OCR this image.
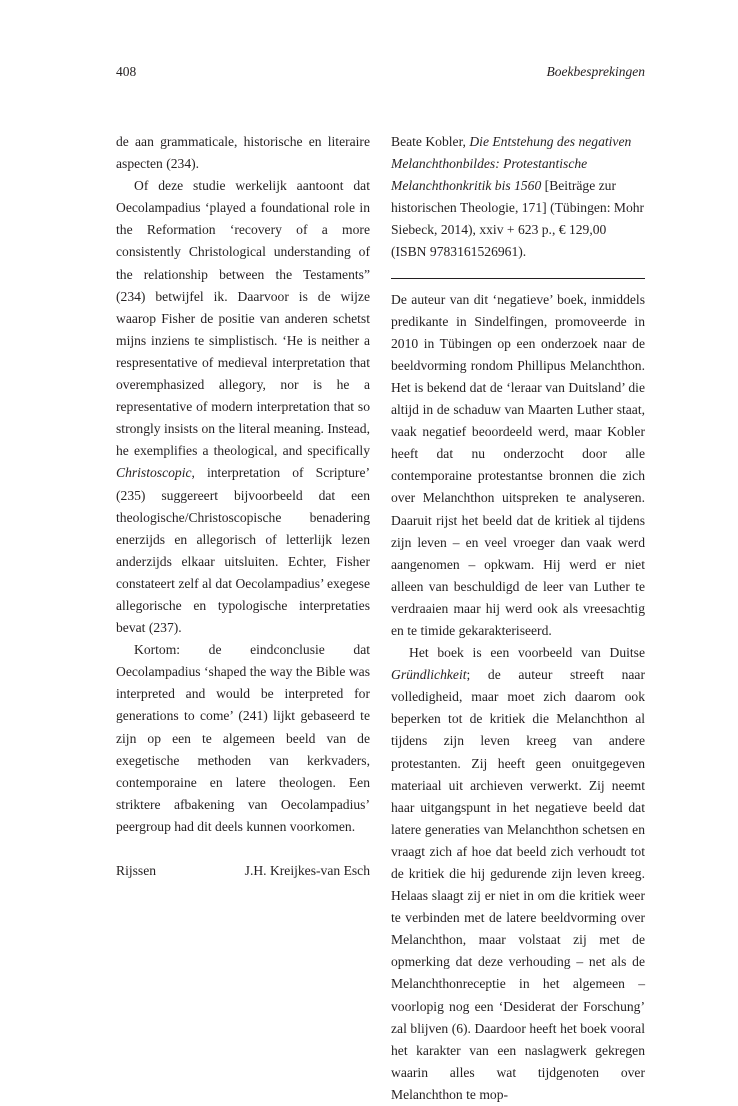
408	Boekbesprekingen

de aan grammaticale, historische en literaire aspecten (234).

Of deze studie werkelijk aantoont dat Oecolampadius ‘played a foundational role in the Reformation ‘recovery of a more consistently Christological understanding of the relationship between the Testaments” (234) betwijfel ik. Daarvoor is de wijze waarop Fisher de positie van anderen schetst mijns inziens te simplistisch. ‘He is neither a respresentative of medieval interpretation that overemphasized allegory, nor is he a representative of modern interpretation that so strongly insists on the literal meaning. Instead, he exemplifies a theological, and specifically Christoscopic, interpretation of Scripture’ (235) suggereert bijvoorbeeld dat een theologische/Christoscopische benadering enerzijds en allegorisch of letterlijk lezen anderzijds elkaar uitsluiten. Echter, Fisher constateert zelf al dat Oecolampadius’ exegese allegorische en typologische interpretaties bevat (237).

Kortom: de eindconclusie dat Oecolampadius ‘shaped the way the Bible was interpreted and would be interpreted for generations to come’ (241) lijkt gebaseerd te zijn op een te algemeen beeld van de exegetische methoden van kerkvaders, contemporaine en latere theologen. Een striktere afbakening van Oecolampadius’ peergroup had dit deels kunnen voorkomen.

Rijssen	J.H. Kreijkes-van Esch

Beate Kobler, Die Entstehung des negativen Melanchthonbildes: Protestantische Melanchthonkritik bis 1560 [Beiträge zur historischen Theologie, 171] (Tübingen: Mohr Siebeck, 2014), xxiv + 623 p., € 129,00 (ISBN 9783161526961).

De auteur van dit ‘negatieve’ boek, inmiddels predikante in Sindelfingen, promoveerde in 2010 in Tübingen op een onderzoek naar de beeldvorming rondom Phillipus Melanchthon. Het is bekend dat de ‘leraar van Duitsland’ die altijd in de schaduw van Maarten Luther staat, vaak negatief beoordeeld werd, maar Kobler heeft dat nu onderzocht door alle contemporaine protestantse bronnen die zich over Melanchthon uitspreken te analyseren. Daaruit rijst het beeld dat de kritiek al tijdens zijn leven – en veel vroeger dan vaak werd aangenomen – opkwam. Hij werd er niet alleen van beschuldigd de leer van Luther te verdraaien maar hij werd ook als vreesachtig en te timide gekarakteriseerd.

Het boek is een voorbeeld van Duitse Gründlichkeit; de auteur streeft naar volledigheid, maar moet zich daarom ook beperken tot de kritiek die Melanchthon al tijdens zijn leven kreeg van andere protestanten. Zij heeft geen onuitgegeven materiaal uit archieven verwerkt. Zij neemt haar uitgangspunt in het negatieve beeld dat latere generaties van Melanchthon schetsen en vraagt zich af hoe dat beeld zich verhoudt tot de kritiek die hij gedurende zijn leven kreeg. Helaas slaagt zij er niet in om die kritiek weer te verbinden met de latere beeldvorming over Melanchthon, maar volstaat zij met de opmerking dat deze verhouding – net als de Melanchthonreceptie in het algemeen – voorlopig nog een ‘Desiderat der Forschung’ zal blijven (6). Daardoor heeft het boek vooral het karakter van een naslagwerk gekregen waarin alles wat tijdgenoten over Melanchthon te mop-
